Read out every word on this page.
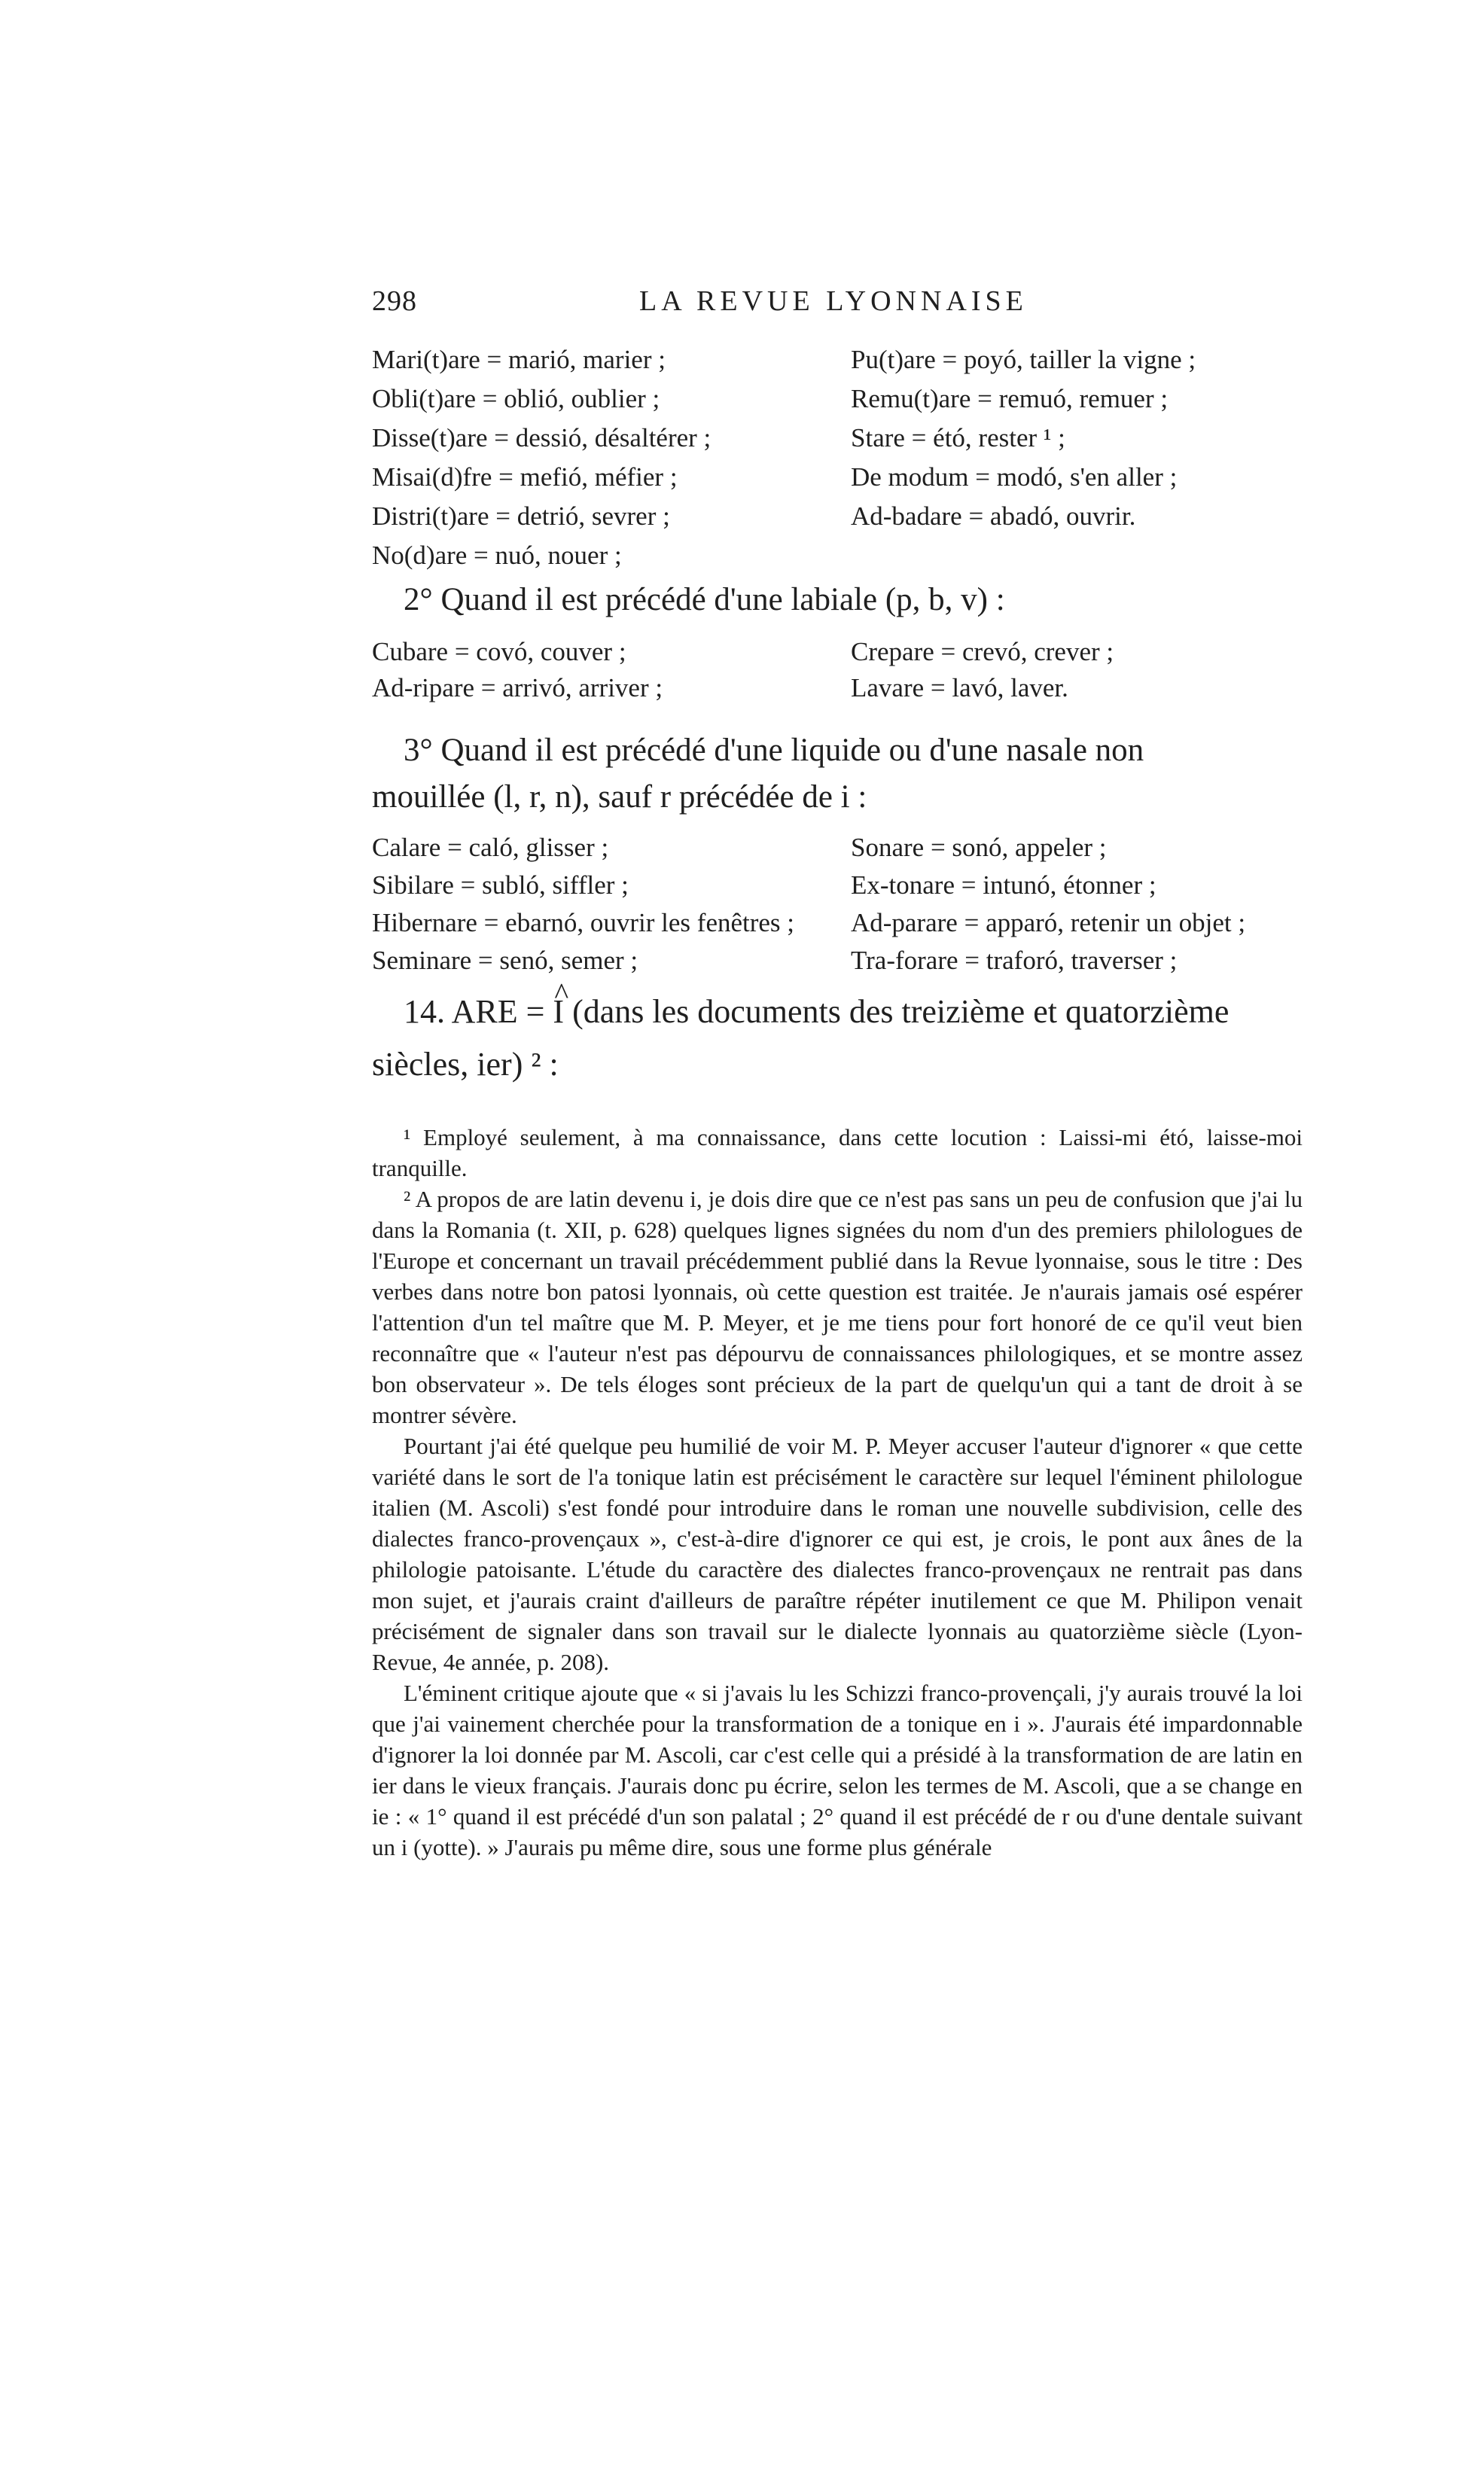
298	LA REVUE LYONNAISE
Mari(t)are = marió, marier ;
Obli(t)are = oblió, oublier ;
Disse(t)are = dessió, désaltérer ;
Misai(d)fre = mefió, méfier ;
Distri(t)are = detrió, sevrer ;
No(d)are = nuó, nouer ;
Pu(t)are = poуó, tailler la vigne ;
Remu(t)are = remuó, remuer ;
Stare = étó, rester ¹ ;
De modum = modó, s'en aller ;
Ad-badare = abadó, ouvrir.
2° Quand il est précédé d'une labiale (p, b, v) :
Cubare = covó, couver ;
Ad-ripare = arrivó, arriver ;
Crepare = crevó, crever ;
Lavare = lavó, laver.
3° Quand il est précédé d'une liquide ou d'une nasale non
mouillée (l, r, n), sauf r précédée de i :
Calare = caló, glisser ;
Sibilare = subló, siffler ;
Hibernare = ebarnó, ouvrir les fenêtres ;
Seminare = senó, semer ;
Sonare = sonó, appeler ;
Ex-tonare = intunó, étonner ;
Ad-parare = apparó, retenir un objet ;
Tra-forare = traforó, traverser ;
14. ARE = ^ I (dans les documents des treizième et quatorzième
siècles, ier) ² :

¹ Employé seulement, à ma connaissance, dans cette locution : Laissi-mi étó, laisse-moi tranquille.

² A propos de are latin devenu i, je dois dire que ce n'est pas sans un peu de confusion que j'ai lu dans la Romania (t. XII, p. 628) quelques lignes signées du nom d'un des premiers philologues de l'Europe et concernant un travail précédemment publié dans la Revue lyonnaise, sous le titre : Des verbes dans notre bon patosi lyonnais, où cette question est traitée. Je n'aurais jamais osé espérer l'attention d'un tel maître que M. P. Meyer, et je me tiens pour fort honoré de ce qu'il veut bien reconnaître que « l'auteur n'est pas dépourvu de connaissances philologiques, et se montre assez bon observateur ». De tels éloges sont précieux de la part de quelqu'un qui a tant de droit à se montrer sévère.

Pourtant j'ai été quelque peu humilié de voir M. P. Meyer accuser l'auteur d'ignorer « que cette variété dans le sort de l'a tonique latin est précisément le caractère sur lequel l'éminent philologue italien (M. Ascoli) s'est fondé pour introduire dans le roman une nouvelle subdivision, celle des dialectes franco-provençaux », c'est-à-dire d'ignorer ce qui est, je crois, le pont aux ânes de la philologie patoisante. L'étude du caractère des dialectes franco-provençaux ne rentrait pas dans mon sujet, et j'aurais craint d'ailleurs de paraître répéter inutilement ce que M. Philipon venait précisément de signaler dans son travail sur le dialecte lyonnais au quatorzième siècle (Lyon-Revue, 4e année, p. 208).

L'éminent critique ajoute que « si j'avais lu les Schizzi franco-provençali, j'y aurais trouvé la loi que j'ai vainement cherchée pour la transformation de a tonique en i ». J'aurais été impardonnable d'ignorer la loi donnée par M. Ascoli, car c'est celle qui a présidé à la transformation de are latin en ier dans le vieux français. J'aurais donc pu écrire, selon les termes de M. Ascoli, que a se change en ie : « 1° quand il est précédé d'un son palatal ; 2° quand il est précédé de r ou d'une dentale suivant un i (yotte). » J'aurais pu même dire, sous une forme plus générale
